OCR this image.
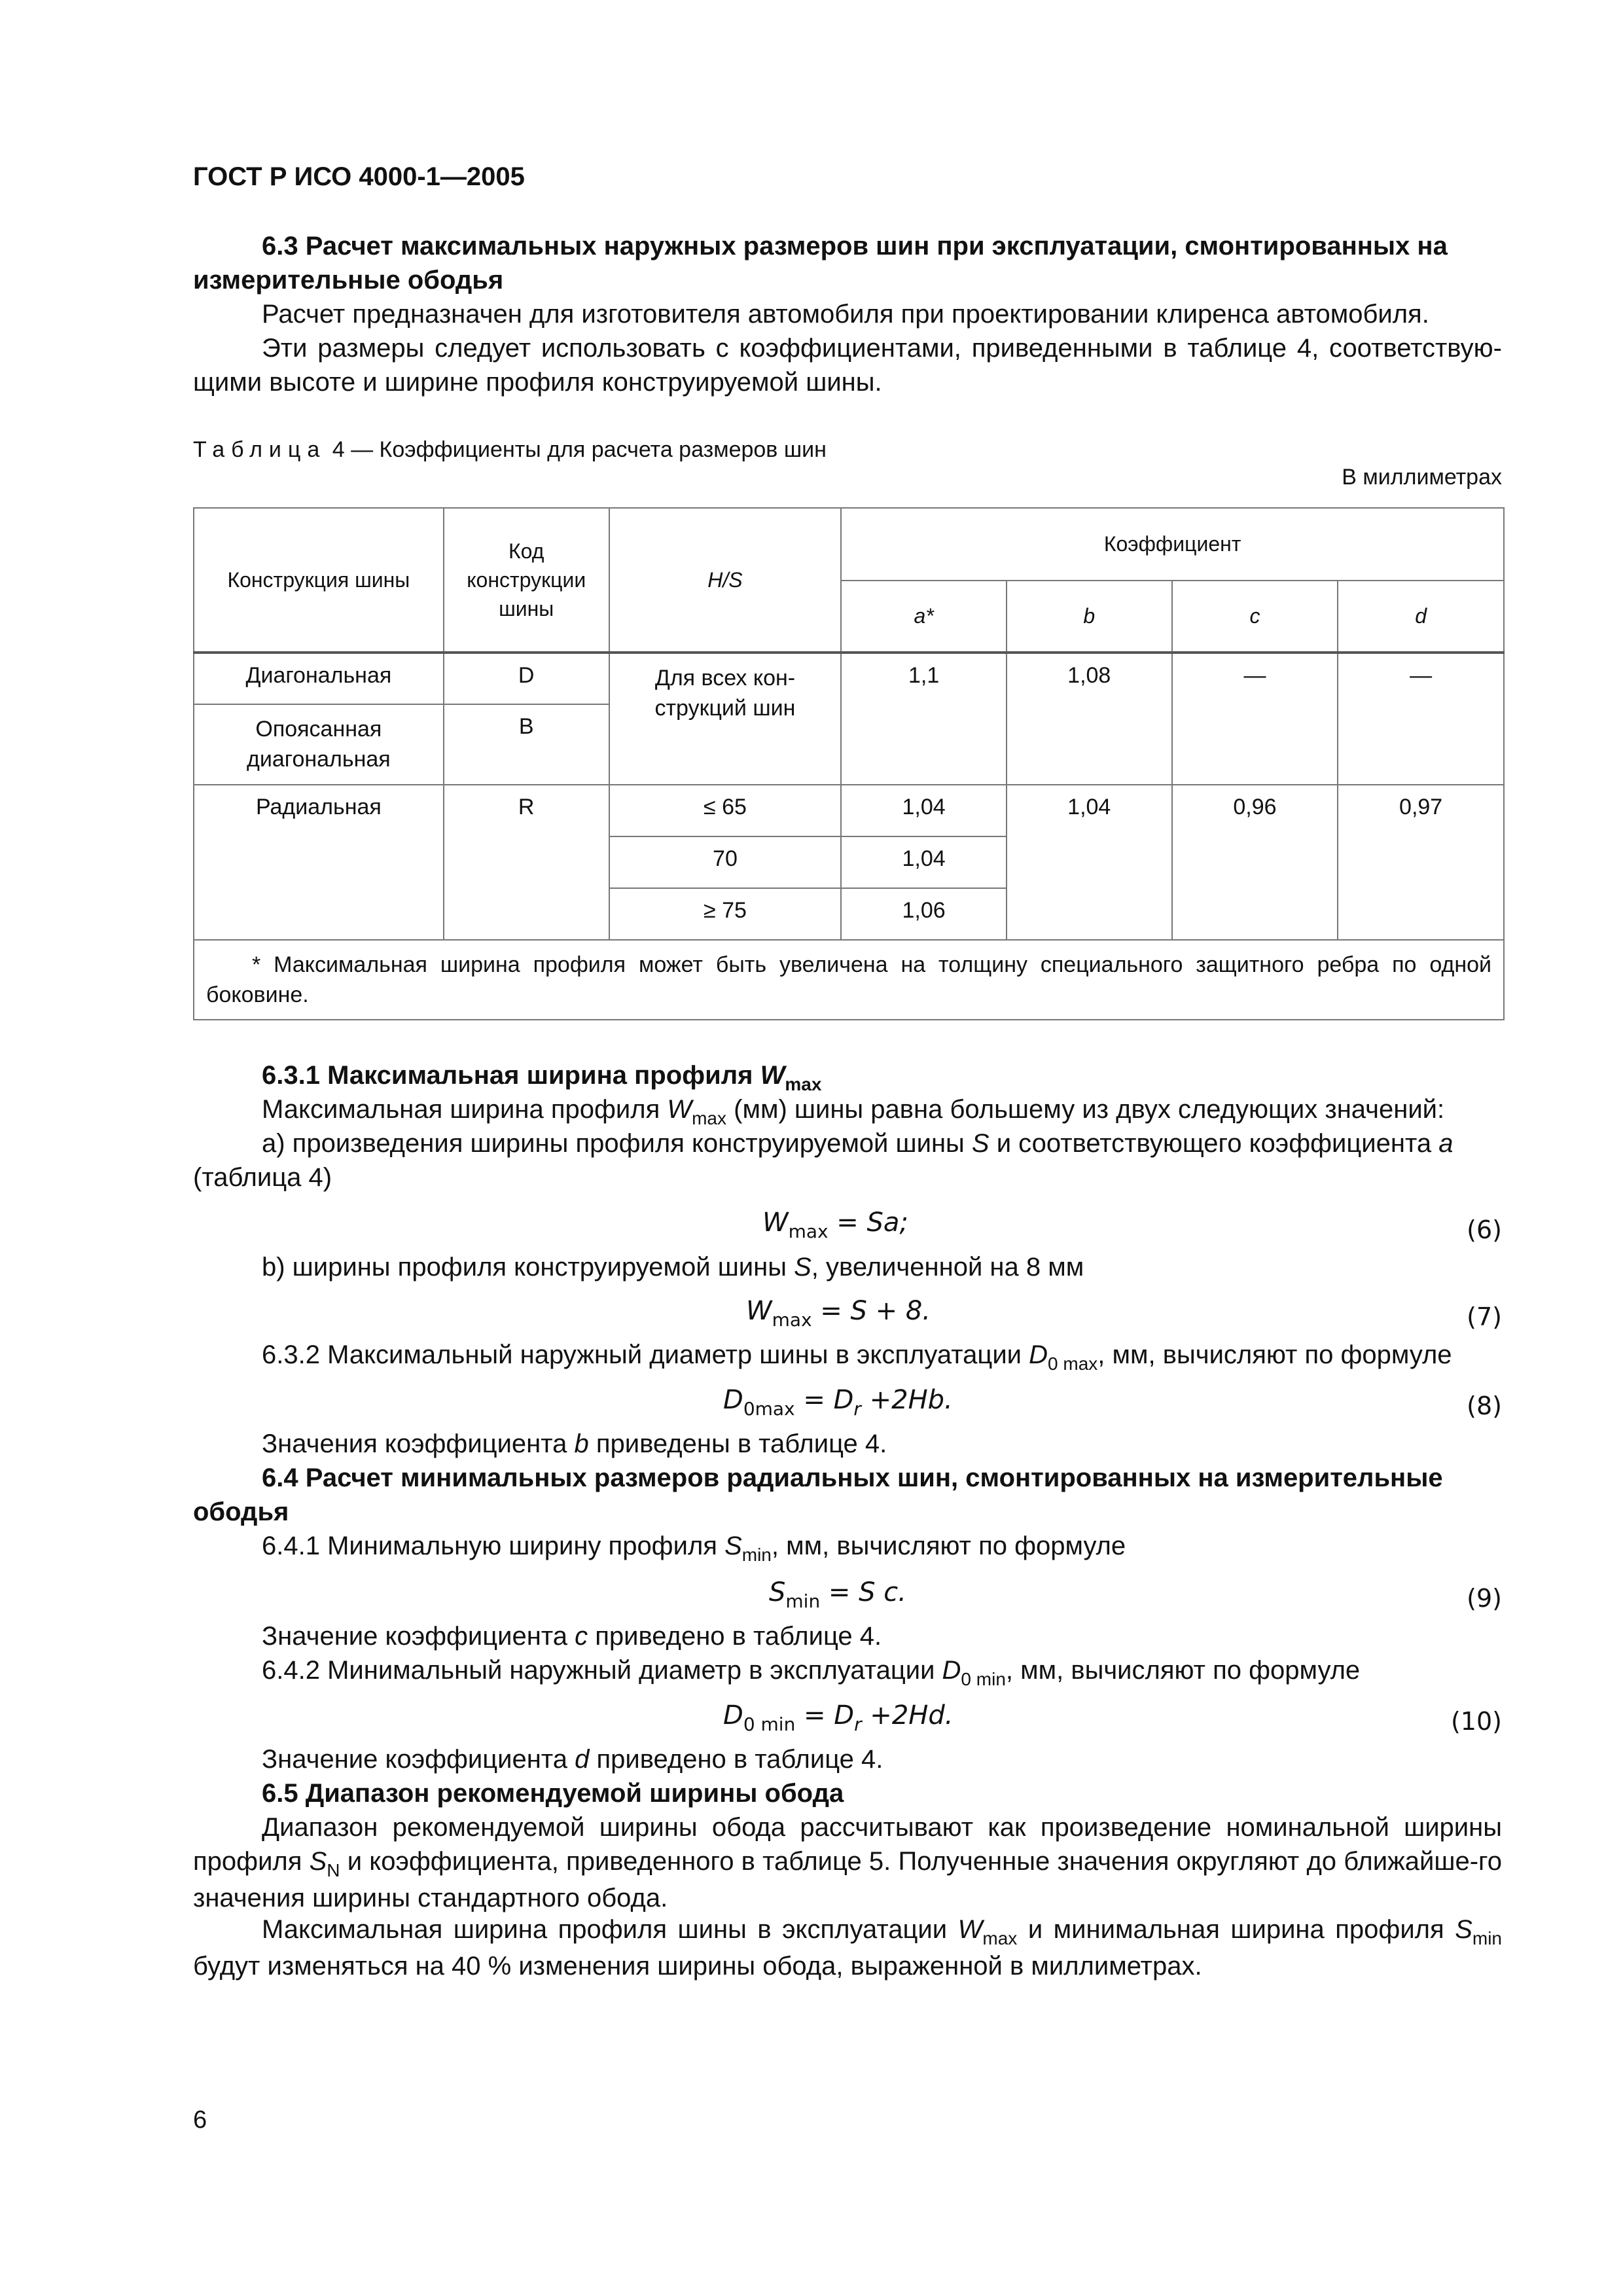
ГОСТ Р ИСО 4000-1—2005
6.3 Расчет максимальных наружных размеров шин при эксплуатации, смонтированных на
измерительные ободья
Расчет предназначен для изготовителя автомобиля при проектировании клиренса автомобиля.
Эти размеры следует использовать с коэффициентами, приведенными в таблице 4, соответствую-щими высоте и ширине профиля конструируемой шины.
Таблица 4 — Коэффициенты для расчета размеров шин
В миллиметрах
Конструкция шины	Код конструкции шины	H/S	Коэффициент			
			a*	b	c	d
Диагональная	D	Для всех кон-струкций шин	1,1	1,08	—	—
Опоясанная диагональная	B					
Радиальная	R	≤ 65	1,04	1,04	0,96	0,97
		70	1,04			
		≥ 75	1,06			
* Максимальная ширина профиля может быть увеличена на толщину специального защитного ребра по одной боковине.						
6.3.1 Максимальная ширина профиля $W_{max}$
Максимальная ширина профиля $W_{max}$ (мм) шины равна большему из двух следующих значений:
а) произведения ширины профиля конструируемой шины S и соответствующего коэффициента a
(таблица 4)
$W_{max} = Sa$;	(6)
b) ширины профиля конструируемой шины S, увеличенной на 8 мм
$W_{max} = S + 8$.	(7)
6.3.2 Максимальный наружный диаметр шины в эксплуатации $D_{0 max}$, мм, вычисляют по формуле
$D_{0max} = D_r +2Hb$.	(8)
Значения коэффициента b приведены в таблице 4.
6.4 Расчет минимальных размеров радиальных шин, смонтированных на измерительные
ободья
6.4.1 Минимальную ширину профиля $S_{min}$, мм, вычисляют по формуле
$S_{min} = S$ c.	(9)
Значение коэффициента c приведено в таблице 4.
6.4.2 Минимальный наружный диаметр в эксплуатации $D_{0 min}$, мм, вычисляют по формуле
$D_{0 min} = D_r +2Hd$.	(10)
Значение коэффициента d приведено в таблице 4.
6.5 Диапазон рекомендуемой ширины обода
Диапазон рекомендуемой ширины обода рассчитывают как произведение номинальной ширины профиля $S_N$ и коэффициента, приведенного в таблице 5. Полученные значения округляют до ближайше-го значения ширины стандартного обода.
Максимальная ширина профиля шины в эксплуатации $W_{max}$ и минимальная ширина профиля $S_{min}$ будут изменяться на 40 % изменения ширины обода, выраженной в миллиметрах.
6
